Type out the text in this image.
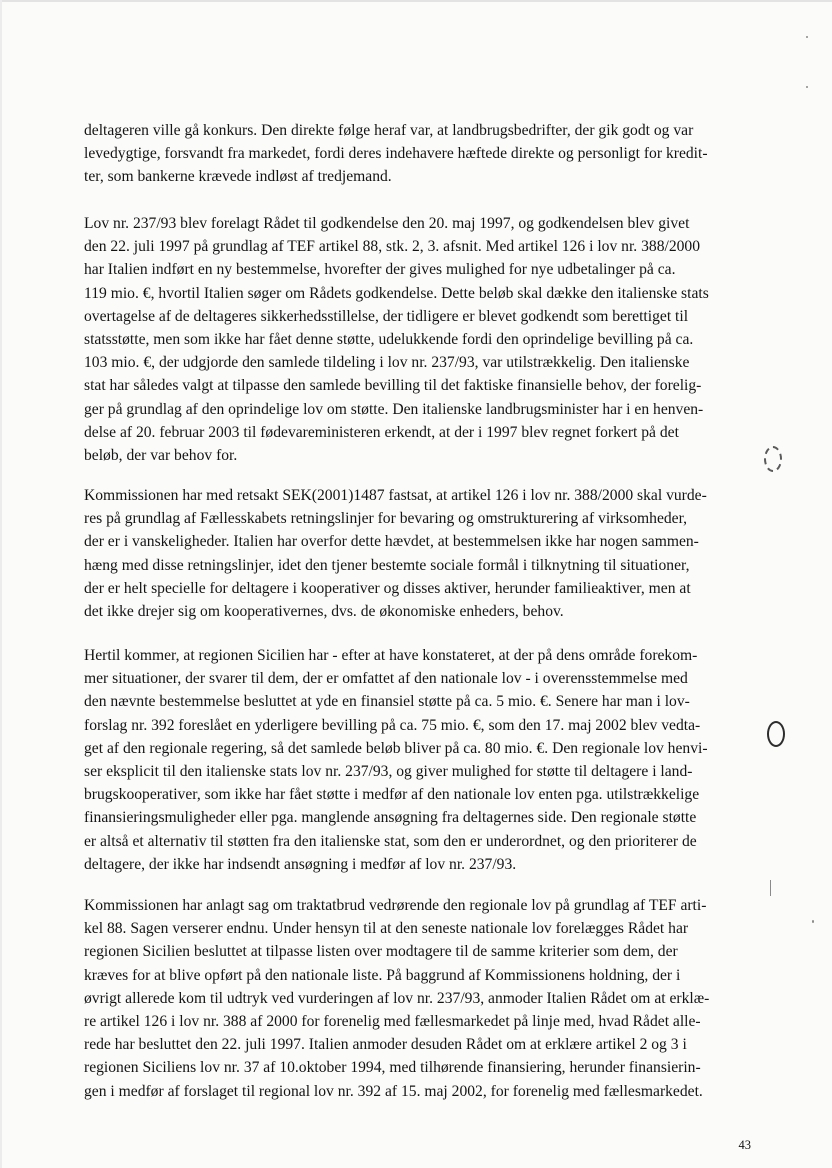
deltageren ville gå konkurs. Den direkte følge heraf var, at landbrugsbedrifter, der gik godt og var
levedygtige, forsvandt fra markedet, fordi deres indehavere hæftede direkte og personligt for kredit-
ter, som bankerne krævede indløst af tredjemand.

Lov nr. 237/93 blev forelagt Rådet til godkendelse den 20. maj 1997, og godkendelsen blev givet
den 22. juli 1997 på grundlag af TEF artikel 88, stk. 2, 3. afsnit. Med artikel 126 i lov nr. 388/2000
har Italien indført en ny bestemmelse, hvorefter der gives mulighed for nye udbetalinger på ca.
119 mio. €, hvortil Italien søger om Rådets godkendelse. Dette beløb skal dække den italienske stats
overtagelse af de deltageres sikkerhedsstillelse, der tidligere er blevet godkendt som berettiget til
statsstøtte, men som ikke har fået denne støtte, udelukkende fordi den oprindelige bevilling på ca.
103 mio. €, der udgjorde den samlede tildeling i lov nr. 237/93, var utilstrækkelig. Den italienske
stat har således valgt at tilpasse den samlede bevilling til det faktiske finansielle behov, der forelig-
ger på grundlag af den oprindelige lov om støtte. Den italienske landbrugsminister har i en henven-
delse af 20. februar 2003 til fødevareministeren erkendt, at der i 1997 blev regnet forkert på det
beløb, der var behov for.

Kommissionen har med retsakt SEK(2001)1487 fastsat, at artikel 126 i lov nr. 388/2000 skal vurde-
res på grundlag af Fællesskabets retningslinjer for bevaring og omstrukturering af virksomheder,
der er i vanskeligheder. Italien har overfor dette hævdet, at bestemmelsen ikke har nogen sammen-
hæng med disse retningslinjer, idet den tjener bestemte sociale formål i tilknytning til situationer,
der er helt specielle for deltagere i kooperativer og disses aktiver, herunder familieaktiver, men at
det ikke drejer sig om kooperativernes, dvs. de økonomiske enheders, behov.

Hertil kommer, at regionen Sicilien har - efter at have konstateret, at der på dens område forekom-
mer situationer, der svarer til dem, der er omfattet af den nationale lov - i overensstemmelse med
den nævnte bestemmelse besluttet at yde en finansiel støtte på ca. 5 mio. €. Senere har man i lov-
forslag nr. 392 foreslået en yderligere bevilling på ca. 75 mio. €, som den 17. maj 2002 blev vedta-
get af den regionale regering, så det samlede beløb bliver på ca. 80 mio. €. Den regionale lov henvi-
ser eksplicit til den italienske stats lov nr. 237/93, og giver mulighed for støtte til deltagere i land-
brugskooperativer, som ikke har fået støtte i medfør af den nationale lov enten pga. utilstrækkelige
finansieringsmuligheder eller pga. manglende ansøgning fra deltagernes side. Den regionale støtte
er altså et alternativ til støtten fra den italienske stat, som den er underordnet, og den prioriterer de
deltagere, der ikke har indsendt ansøgning i medfør af lov nr. 237/93.

Kommissionen har anlagt sag om traktatbrud vedrørende den regionale lov på grundlag af TEF arti-
kel 88. Sagen verserer endnu. Under hensyn til at den seneste nationale lov forelægges Rådet har
regionen Sicilien besluttet at tilpasse listen over modtagere til de samme kriterier som dem, der
kræves for at blive opført på den nationale liste. På baggrund af Kommissionens holdning, der i
øvrigt allerede kom til udtryk ved vurderingen af lov nr. 237/93, anmoder Italien Rådet om at erklæ-
re artikel 126 i lov nr. 388 af 2000 for forenelig med fællesmarkedet på linje med, hvad Rådet alle-
rede har besluttet den 22. juli 1997. Italien anmoder desuden Rådet om at erklære artikel 2 og 3 i
regionen Siciliens lov nr. 37 af 10.oktober 1994, med tilhørende finansiering, herunder finansierin-
gen i medfør af forslaget til regional lov nr. 392 af 15. maj 2002, for forenelig med fællesmarkedet.

43
